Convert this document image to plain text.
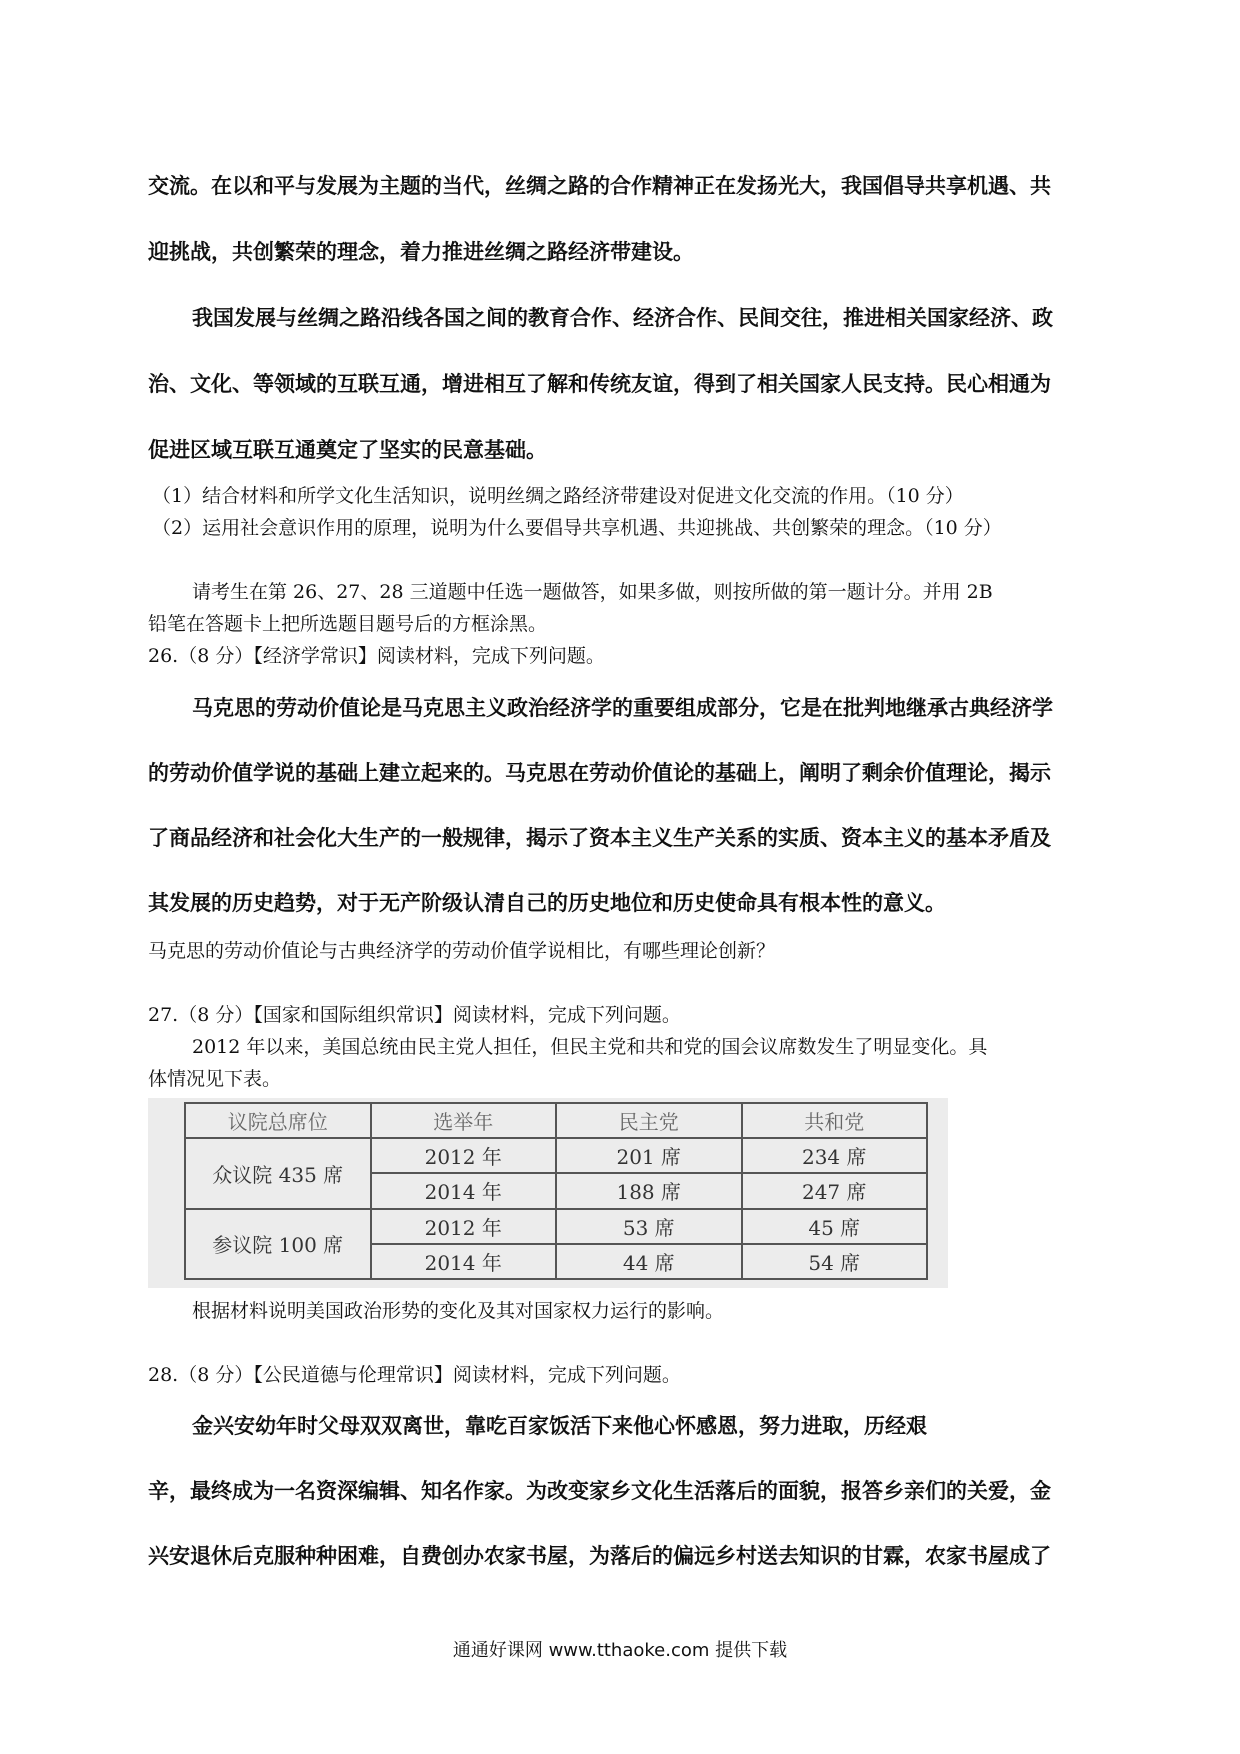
交流。在以和平与发展为主题的当代，丝绸之路的合作精神正在发扬光大，我国倡导共享机遇、共
迎挑战，共创繁荣的理念，着力推进丝绸之路经济带建设。
我国发展与丝绸之路沿线各国之间的教育合作、经济合作、民间交往，推进相关国家经济、政
治、文化、等领域的互联互通，增进相互了解和传统友谊，得到了相关国家人民支持。民心相通为
促进区域互联互通奠定了坚实的民意基础。
（1）结合材料和所学文化生活知识，说明丝绸之路经济带建设对促进文化交流的作用。（10 分）
（2）运用社会意识作用的原理，说明为什么要倡导共享机遇、共迎挑战、共创繁荣的理念。（10 分）
请考生在第 26、27、28 三道题中任选一题做答，如果多做，则按所做的第一题计分。并用 2B
铅笔在答题卡上把所选题目题号后的方框涂黑。
26.（8 分）【经济学常识】阅读材料，完成下列问题。
马克思的劳动价值论是马克思主义政治经济学的重要组成部分，它是在批判地继承古典经济学
的劳动价值学说的基础上建立起来的。马克思在劳动价值论的基础上，阐明了剩余价值理论，揭示
了商品经济和社会化大生产的一般规律，揭示了资本主义生产关系的实质、资本主义的基本矛盾及
其发展的历史趋势，对于无产阶级认清自己的历史地位和历史使命具有根本性的意义。
马克思的劳动价值论与古典经济学的劳动价值学说相比，有哪些理论创新？
27.（8 分）【国家和国际组织常识】阅读材料，完成下列问题。
2012 年以来，美国总统由民主党人担任，但民主党和共和党的国会议席数发生了明显变化。具
体情况见下表。
议院总席位	选举年	民主党	共和党
众议院 435 席	2012 年	201 席	234 席
	2014 年	188 席	247 席
参议院 100 席	2012 年	53 席	45 席
	2014 年	44 席	54 席
根据材料说明美国政治形势的变化及其对国家权力运行的影响。
28.（8 分）【公民道德与伦理常识】阅读材料，完成下列问题。
金兴安幼年时父母双双离世，靠吃百家饭活下来他心怀感恩，努力进取，历经艰
辛，最终成为一名资深编辑、知名作家。为改变家乡文化生活落后的面貌，报答乡亲们的关爱，金
兴安退休后克服种种困难，自费创办农家书屋，为落后的偏远乡村送去知识的甘霖，农家书屋成了
通通好课网 www.tthaoke.com 提供下载
